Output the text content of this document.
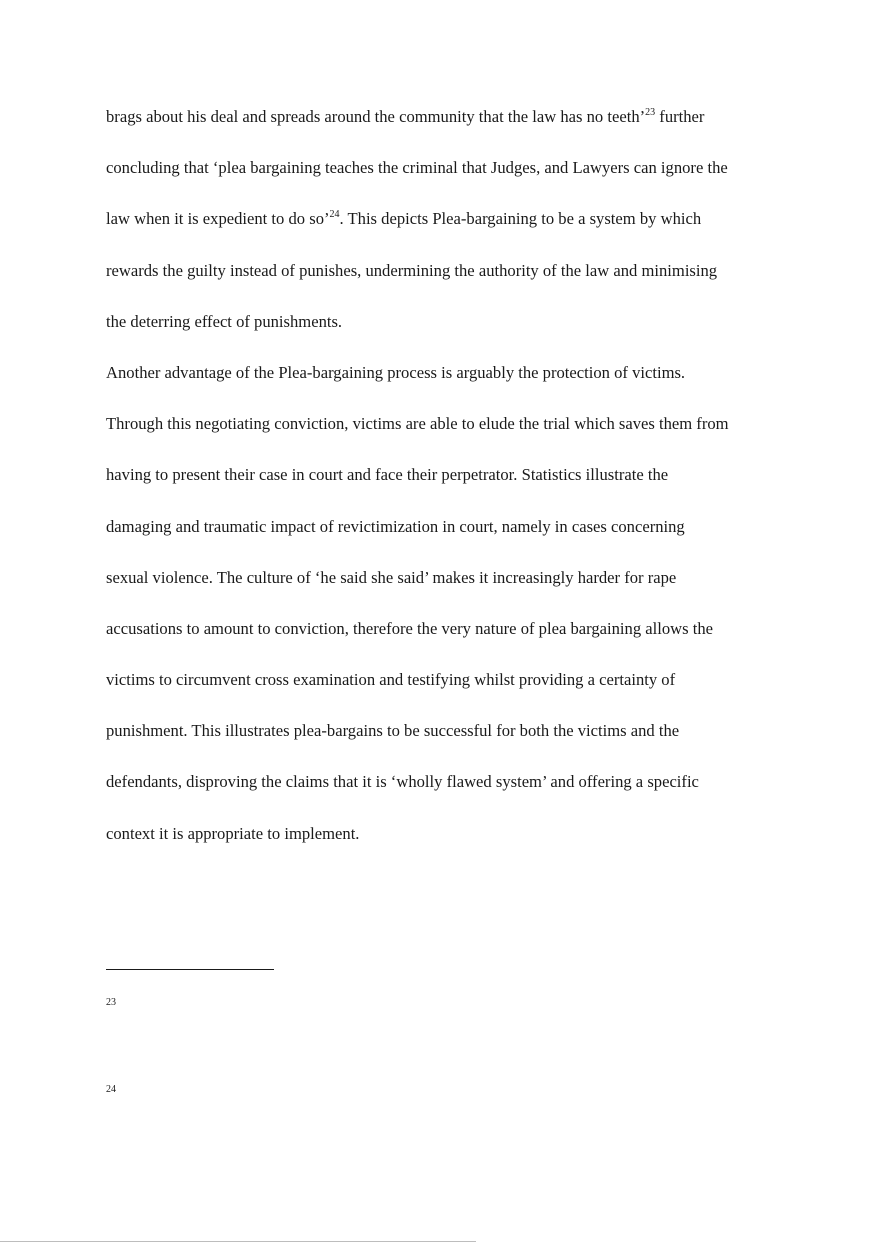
brags about his deal and spreads around the community that the law has no teeth’$^{23}$ further
concluding that ‘plea bargaining teaches the criminal that Judges, and Lawyers can ignore the
law when it is expedient to do so’$^{24}$. This depicts Plea-bargaining to be a system by which
rewards the guilty instead of punishes, undermining the authority of the law and minimising
the deterring effect of punishments.
Another advantage of the Plea-bargaining process is arguably the protection of victims.
Through this negotiating conviction, victims are able to elude the trial which saves them from
having to present their case in court and face their perpetrator. Statistics illustrate the
damaging and traumatic impact of revictimization in court, namely in cases concerning
sexual violence. The culture of ‘he said she said’ makes it increasingly harder for rape
accusations to amount to conviction, therefore the very nature of plea bargaining allows the
victims to circumvent cross examination and testifying whilst providing a certainty of
punishment. This illustrates plea-bargains to be successful for both the victims and the
defendants, disproving the claims that it is ‘wholly flawed system’ and offering a specific
context it is appropriate to implement.
23
24
